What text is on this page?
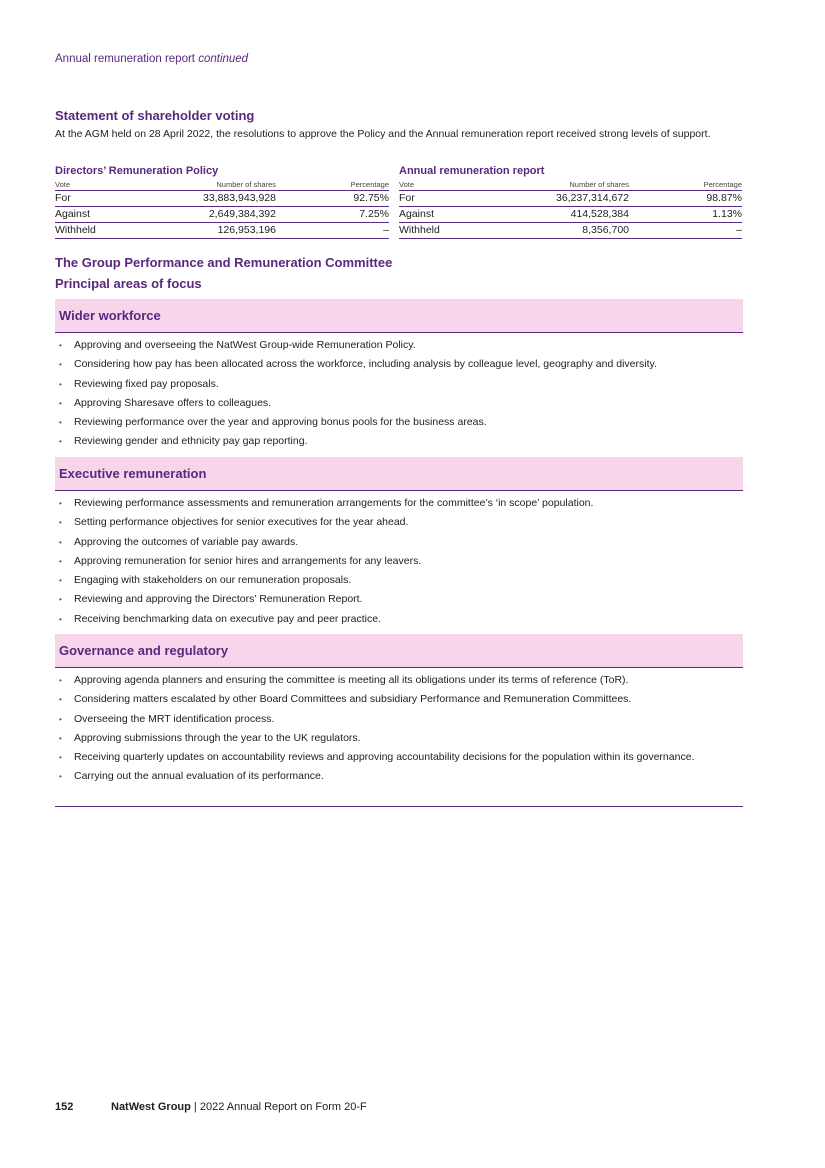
Annual remuneration report continued
Statement of shareholder voting
At the AGM held on 28 April 2022, the resolutions to approve the Policy and the Annual remuneration report received strong levels of support.
Directors’ Remuneration Policy
Vote	Number of shares	Percentage
For	33,883,943,928	92.75%
Against	2,649,384,392	7.25%
Withheld	126,953,196	–
Annual remuneration report
Vote	Number of shares	Percentage
For	36,237,314,672	98.87%
Against	414,528,384	1.13%
Withheld	8,356,700	–
The Group Performance and Remuneration Committee
Principal areas of focus
Wider workforce
• Approving and overseeing the NatWest Group-wide Remuneration Policy.
• Considering how pay has been allocated across the workforce, including analysis by colleague level, geography and diversity.
• Reviewing fixed pay proposals.
• Approving Sharesave offers to colleagues.
• Reviewing performance over the year and approving bonus pools for the business areas.
• Reviewing gender and ethnicity pay gap reporting.
Executive remuneration
• Reviewing performance assessments and remuneration arrangements for the committee’s ‘in scope’ population.
• Setting performance objectives for senior executives for the year ahead.
• Approving the outcomes of variable pay awards.
• Approving remuneration for senior hires and arrangements for any leavers.
• Engaging with stakeholders on our remuneration proposals.
• Reviewing and approving the Directors’ Remuneration Report.
• Receiving benchmarking data on executive pay and peer practice.
Governance and regulatory
• Approving agenda planners and ensuring the committee is meeting all its obligations under its terms of reference (ToR).
• Considering matters escalated by other Board Committees and subsidiary Performance and Remuneration Committees.
• Overseeing the MRT identification process.
• Approving submissions through the year to the UK regulators.
• Receiving quarterly updates on accountability reviews and approving accountability decisions for the population within its governance.
• Carrying out the annual evaluation of its performance.
152	NatWest Group | 2022 Annual Report on Form 20-F
